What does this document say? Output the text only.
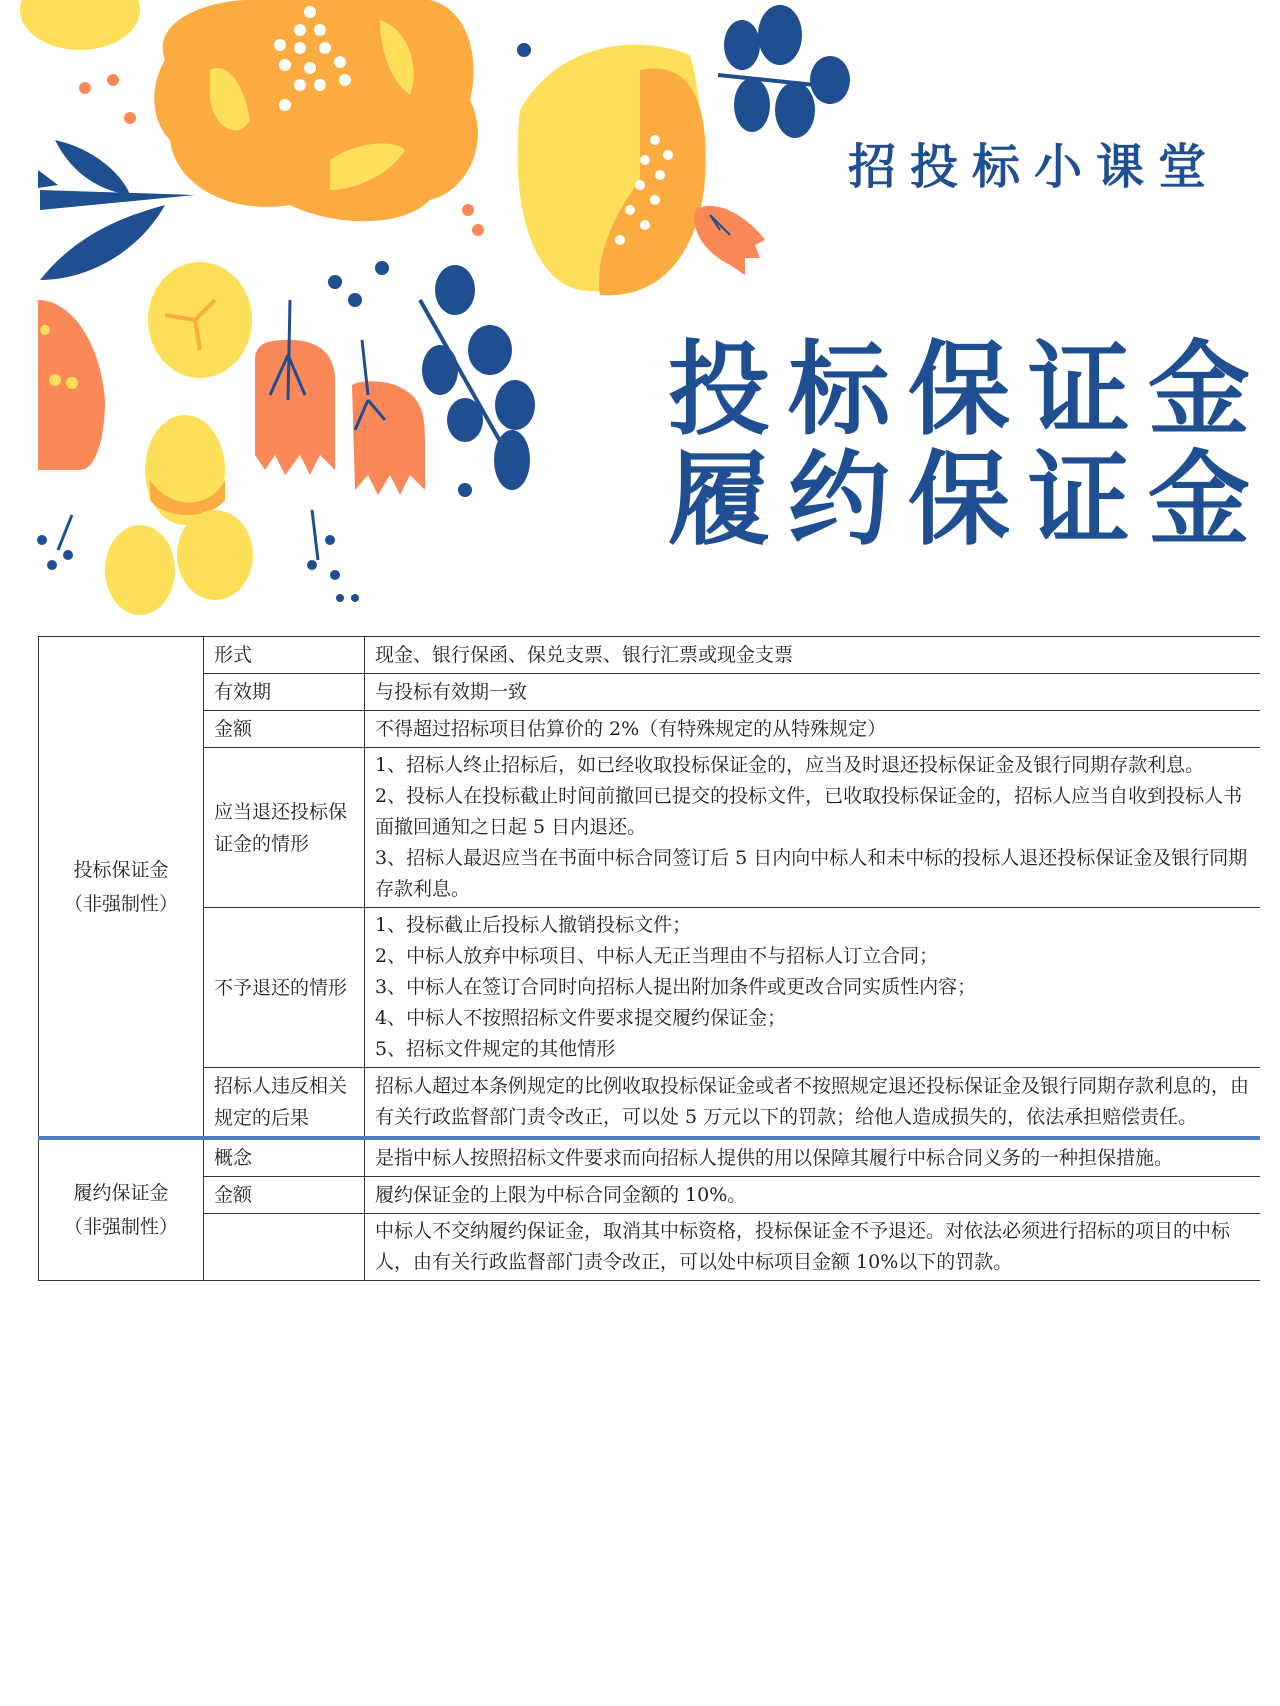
招投标小课堂
投标保证金
履约保证金
投标保证金
（非强制性）	形式	现金、银行保函、保兑支票、银行汇票或现金支票

	有效期	与投标有效期一致

	金额	不得超过招标项目估算价的 2%（有特殊规定的从特殊规定）

	应当退还投标保证金的情形	1、招标人终止招标后，如已经收取投标保证金的，应当及时退还投标保证金及银行同期存款利息。
2、投标人在投标截止时间前撤回已提交的投标文件，已收取投标保证金的，招标人应当自收到投标人书面撤回通知之日起 5 日内退还。
3、招标人最迟应当在书面中标合同签订后 5 日内向中标人和未中标的投标人退还投标保证金及银行同期存款利息。

	不予退还的情形	1、投标截止后投标人撤销投标文件；
2、中标人放弃中标项目、中标人无正当理由不与招标人订立合同；
3、中标人在签订合同时向招标人提出附加条件或更改合同实质性内容；
4、中标人不按照招标文件要求提交履约保证金；
5、招标文件规定的其他情形

	招标人违反相关规定的后果	招标人超过本条例规定的比例收取投标保证金或者不按照规定退还投标保证金及银行同期存款利息的，由有关行政监督部门责令改正，可以处 5 万元以下的罚款；给他人造成损失的，依法承担赔偿责任。

履约保证金
（非强制性）	概念	是指中标人按照招标文件要求而向招标人提供的用以保障其履行中标合同义务的一种担保措施。

	金额	履约保证金的上限为中标合同金额的 10%。

		中标人不交纳履约保证金，取消其中标资格，投标保证金不予退还。对依法必须进行招标的项目的中标人，由有关行政监督部门责令改正，可以处中标项目金额 10%以下的罚款。
